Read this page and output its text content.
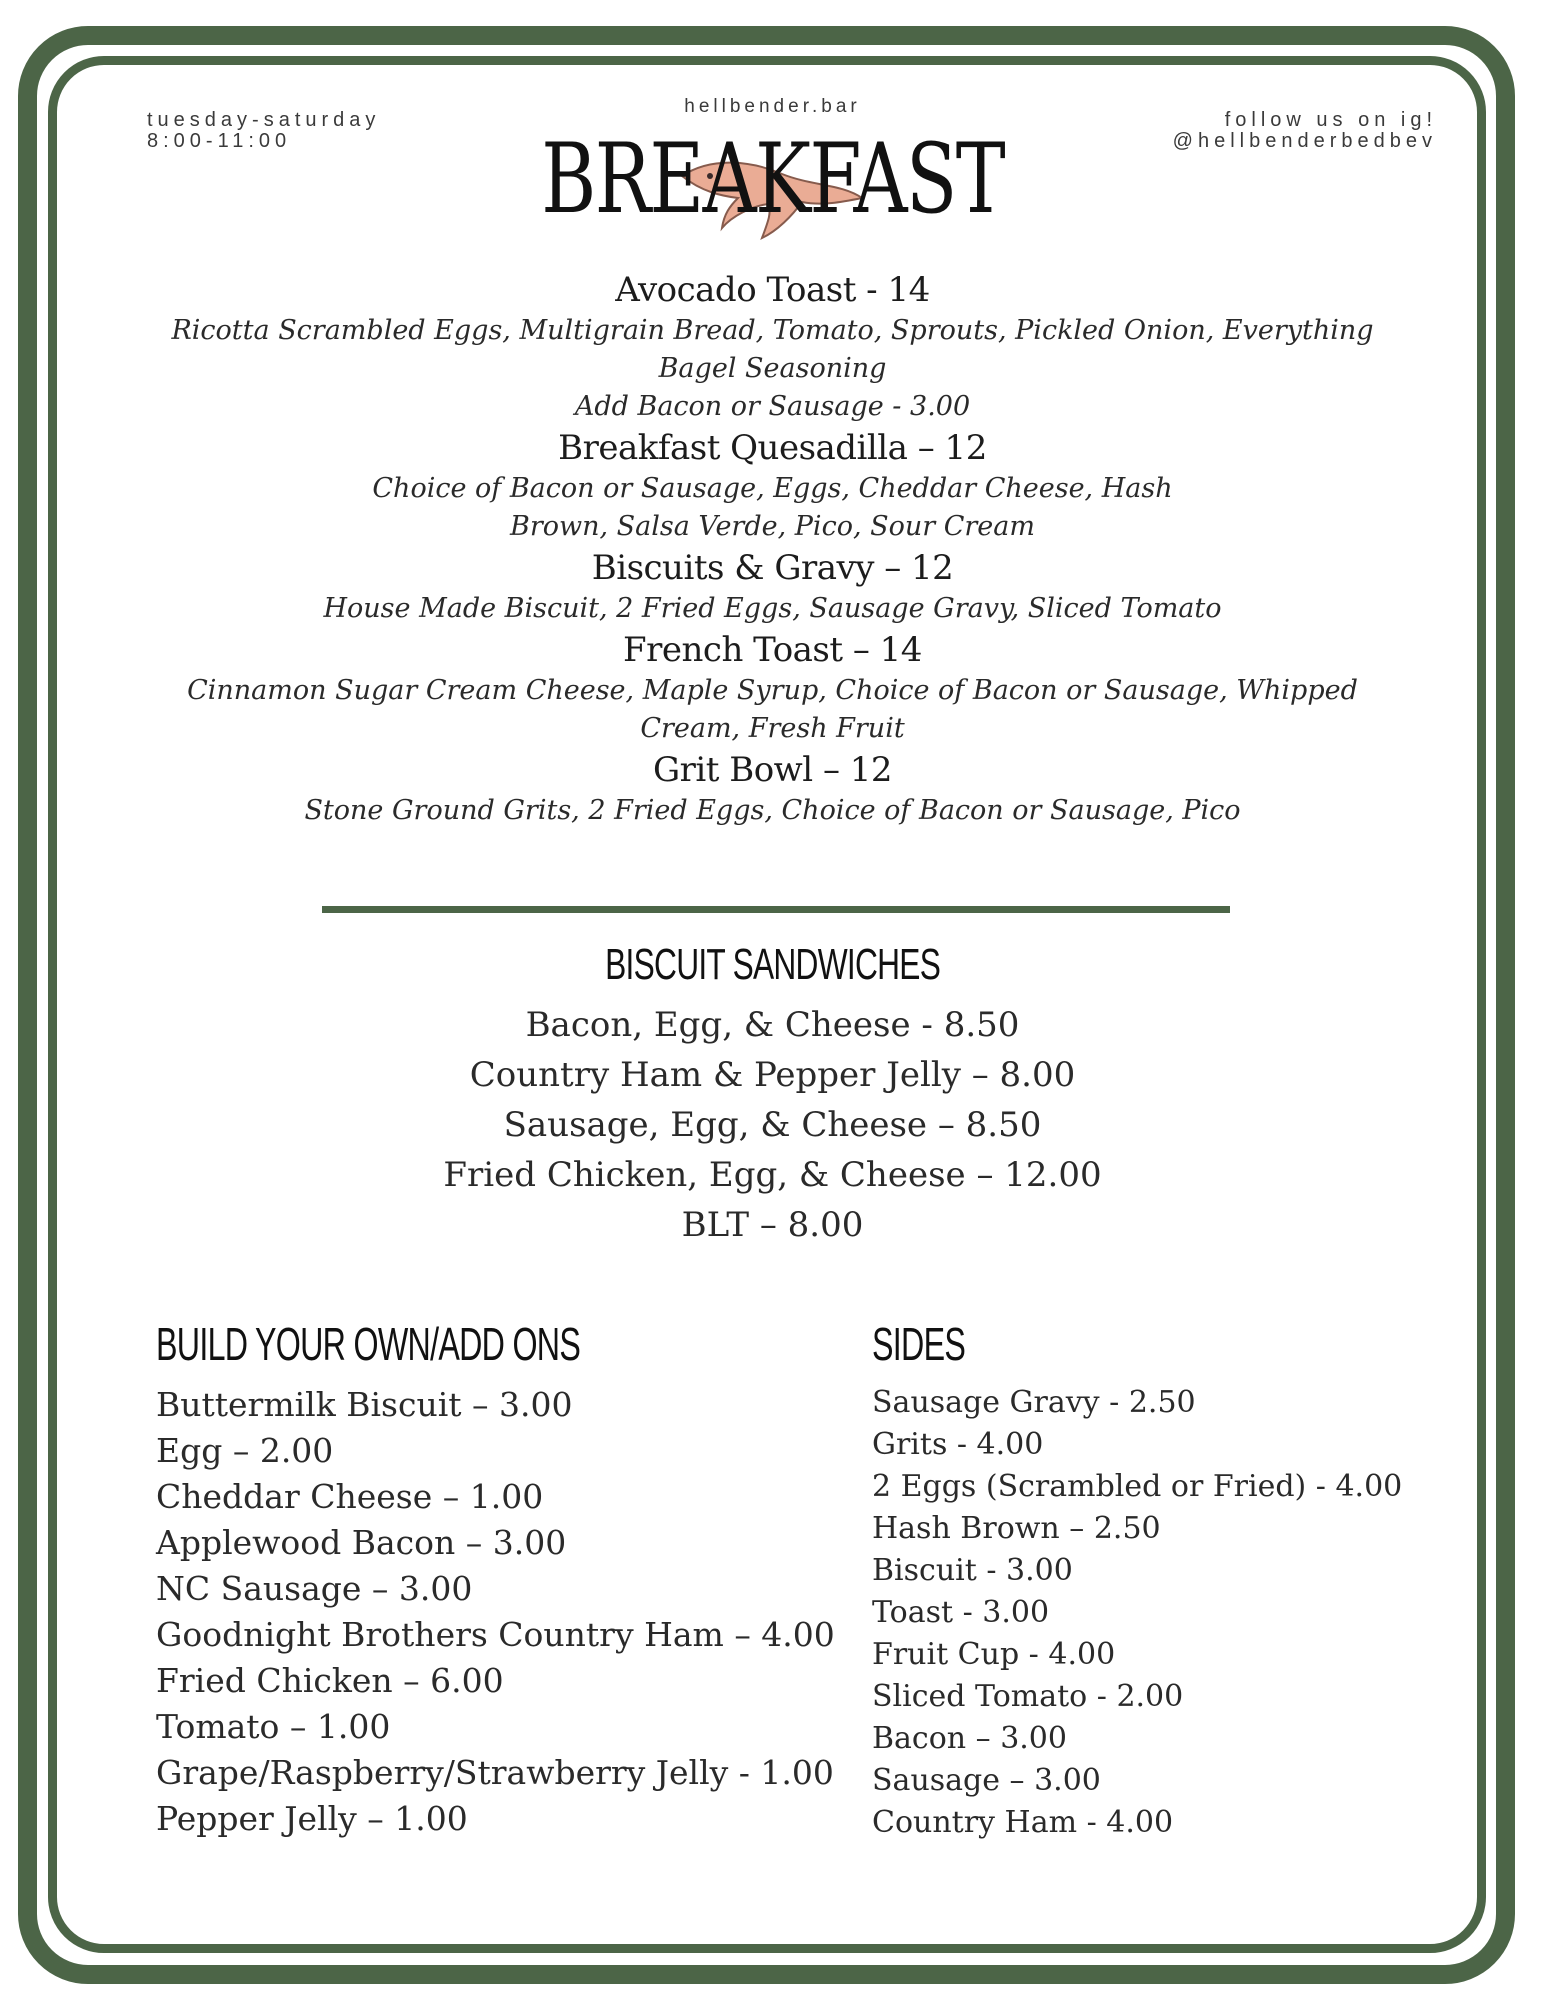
tuesday-saturday
8:00-11:00
hellbender.bar
follow us on ig!
@hellbenderbedbev
BREAKFAST
Avocado Toast - 14
Ricotta Scrambled Eggs, Multigrain Bread, Tomato, Sprouts, Pickled Onion, Everything Bagel Seasoning
Add Bacon or Sausage - 3.00
Breakfast Quesadilla – 12
Choice of Bacon or Sausage, Eggs, Cheddar Cheese, Hash Brown, Salsa Verde, Pico, Sour Cream
Biscuits & Gravy – 12
House Made Biscuit, 2 Fried Eggs, Sausage Gravy, Sliced Tomato
French Toast – 14
Cinnamon Sugar Cream Cheese, Maple Syrup, Choice of Bacon or Sausage, Whipped Cream, Fresh Fruit
Grit Bowl – 12
Stone Ground Grits, 2 Fried Eggs, Choice of Bacon or Sausage, Pico
BISCUIT SANDWICHES
Bacon, Egg, & Cheese - 8.50
Country Ham & Pepper Jelly – 8.00
Sausage, Egg, & Cheese – 8.50
Fried Chicken, Egg, & Cheese – 12.00
BLT – 8.00
BUILD YOUR OWN/ADD ONS
Buttermilk Biscuit – 3.00
Egg – 2.00
Cheddar Cheese – 1.00
Applewood Bacon – 3.00
NC Sausage – 3.00
Goodnight Brothers Country Ham – 4.00
Fried Chicken – 6.00
Tomato – 1.00
Grape/Raspberry/Strawberry Jelly - 1.00
Pepper Jelly – 1.00
SIDES
Sausage Gravy - 2.50
Grits - 4.00
2 Eggs (Scrambled or Fried) - 4.00
Hash Brown – 2.50
Biscuit - 3.00
Toast - 3.00
Fruit Cup - 4.00
Sliced Tomato - 2.00
Bacon – 3.00
Sausage – 3.00
Country Ham - 4.00
